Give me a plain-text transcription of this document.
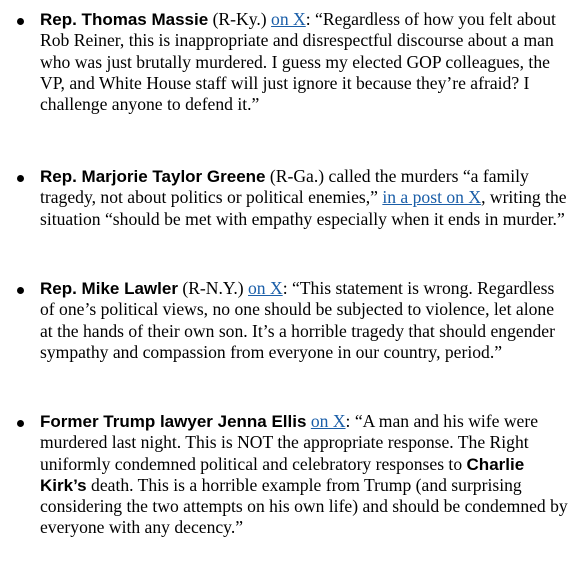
Rep. Thomas Massie (R-Ky.) on X: “Regardless of how you felt about Rob Reiner, this is inappropriate and disrespectful discourse about a man who was just brutally murdered. I guess my elected GOP colleagues, the VP, and White House staff will just ignore it because they’re afraid? I challenge anyone to defend it.”

Rep. Marjorie Taylor Greene (R-Ga.) called the murders “a family tragedy, not about politics or political enemies,” in a post on X, writing the situation “should be met with empathy especially when it ends in murder.”

Rep. Mike Lawler (R-N.Y.) on X: “This statement is wrong. Regardless of one’s political views, no one should be subjected to violence, let alone at the hands of their own son. It’s a horrible tragedy that should engender sympathy and compassion from everyone in our country, period.”

Former Trump lawyer Jenna Ellis on X: “A man and his wife were murdered last night. This is NOT the appropriate response. The Right uniformly condemned political and celebratory responses to Charlie Kirk’s death. This is a horrible example from Trump (and surprising considering the two attempts on his own life) and should be condemned by everyone with any decency.”
